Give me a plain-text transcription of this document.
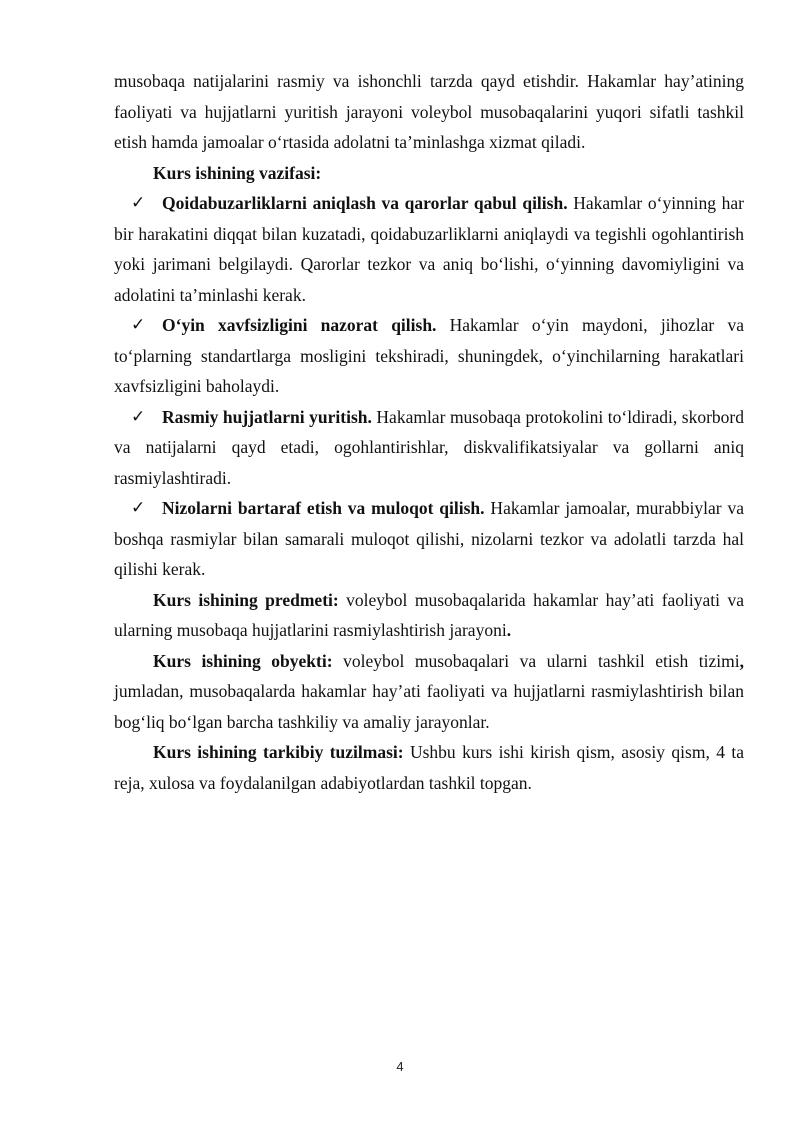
musobaqa natijalarini rasmiy va ishonchli tarzda qayd etishdir. Hakamlar hay’atining faoliyati va hujjatlarni yuritish jarayoni voleybol musobaqalarini yuqori sifatli tashkil etish hamda jamoalar o‘rtasida adolatni ta’minlashga xizmat qiladi.

Kurs ishining vazifasi:

✓ Qoidabuzarliklarni aniqlash va qarorlar qabul qilish. Hakamlar o‘yinning har bir harakatini diqqat bilan kuzatadi, qoidabuzarliklarni aniqlaydi va tegishli ogohlantirish yoki jarimani belgilaydi. Qarorlar tezkor va aniq bo‘lishi, o‘yinning davomiyligini va adolatini ta’minlashi kerak.

✓ O‘yin xavfsizligini nazorat qilish. Hakamlar o‘yin maydoni, jihozlar va to‘plarning standartlarga mosligini tekshiradi, shuningdek, o‘yinchilarning harakatlari xavfsizligini baholaydi.

✓ Rasmiy hujjatlarni yuritish. Hakamlar musobaqa protokolini to‘ldiradi, skorbord va natijalarni qayd etadi, ogohlantirishlar, diskvalifikatsiyalar va gollarni aniq rasmiylashtiradi.

✓ Nizolarni bartaraf etish va muloqot qilish. Hakamlar jamoalar, murabbiylar va boshqa rasmiylar bilan samarali muloqot qilishi, nizolarni tezkor va adolatli tarzda hal qilishi kerak.

Kurs ishining predmeti: voleybol musobaqalarida hakamlar hay’ati faoliyati va ularning musobaqa hujjatlarini rasmiylashtirish jarayoni.

Kurs ishining obyekti: voleybol musobaqalari va ularni tashkil etish tizimi, jumladan, musobaqalarda hakamlar hay’ati faoliyati va hujjatlarni rasmiylashtirish bilan bog‘liq bo‘lgan barcha tashkiliy va amaliy jarayonlar.

Kurs ishining tarkibiy tuzilmasi: Ushbu kurs ishi kirish qism, asosiy qism, 4 ta reja, xulosa va foydalanilgan adabiyotlardan tashkil topgan.

4
